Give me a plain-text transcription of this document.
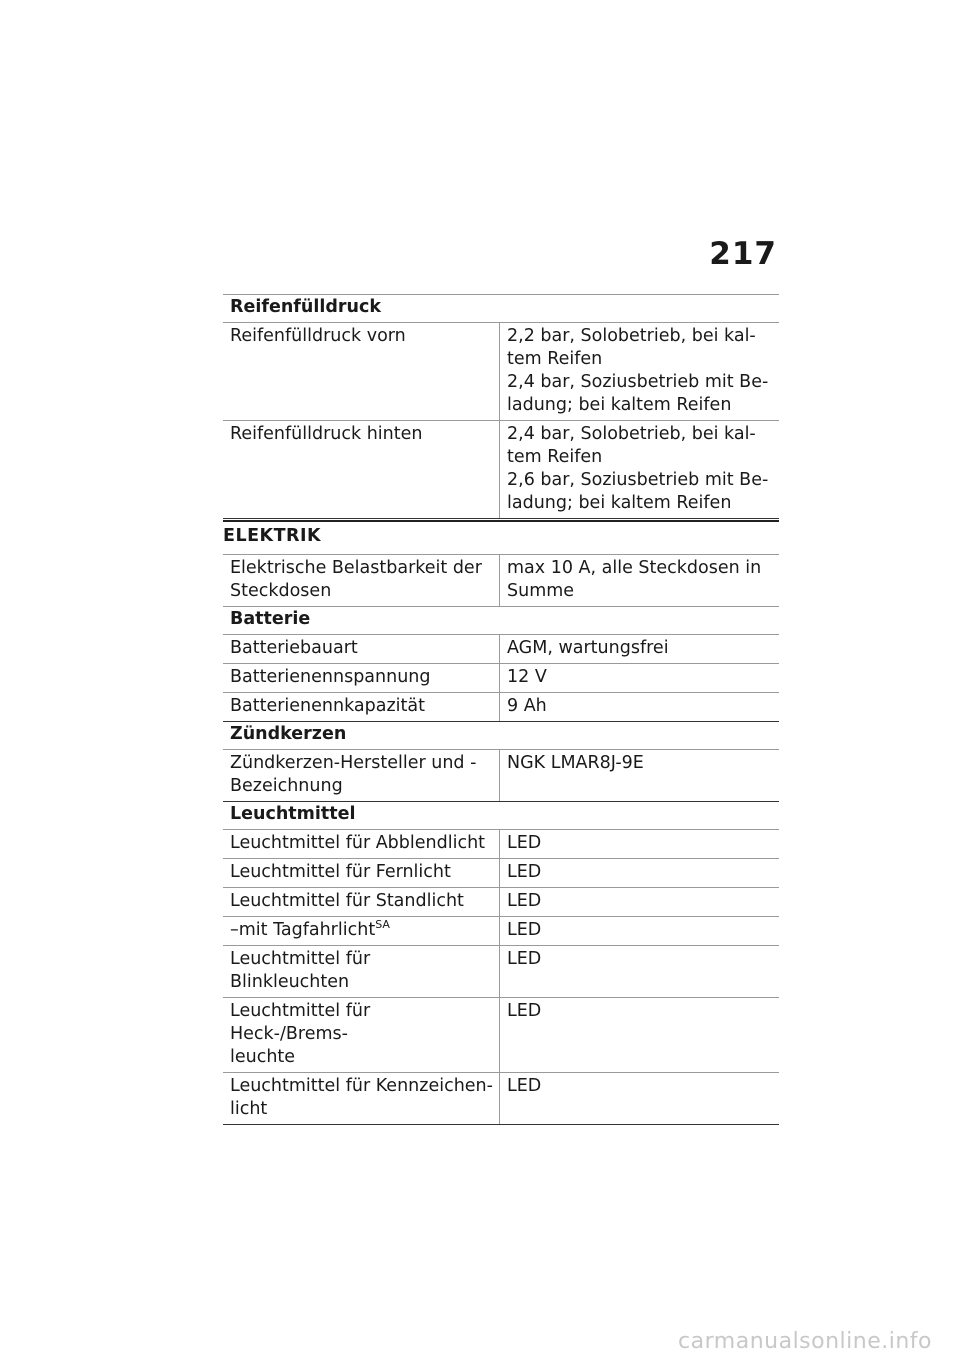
217
Reifenfülldruck	
Reifenfülldruck vorn	2,2 bar, Solobetrieb, bei kal-
tem Reifen
2,4 bar, Soziusbetrieb mit Be-
ladung; bei kaltem Reifen

Reifenfülldruck hinten	2,4 bar, Solobetrieb, bei kal-
tem Reifen
2,6 bar, Soziusbetrieb mit Be-
ladung; bei kaltem Reifen
ELEKTRIK
Elektrische Belastbarkeit der
Steckdosen	max 10 A, alle Steckdosen in
Summe

Batterie	
Batteriebauart	AGM, wartungsfrei
Batterienennspannung	12 V
Batterienennkapazität	9 Ah
Zündkerzen	

Zündkerzen-Hersteller und -
Bezeichnung	NGK LMAR8J-9E
Leuchtmittel	
Leuchtmittel für Abblendlicht	LED
Leuchtmittel für Fernlicht	LED
Leuchtmittel für Standlicht	LED
–mit Tagfahrlicht$^{SA}$	LED
Leuchtmittel für Blinkleuchten	LED

Leuchtmittel für Heck-/Brems-
leuchte	LED

Leuchtmittel für Kennzeichen-
licht	LED
carmanualsonline.info
